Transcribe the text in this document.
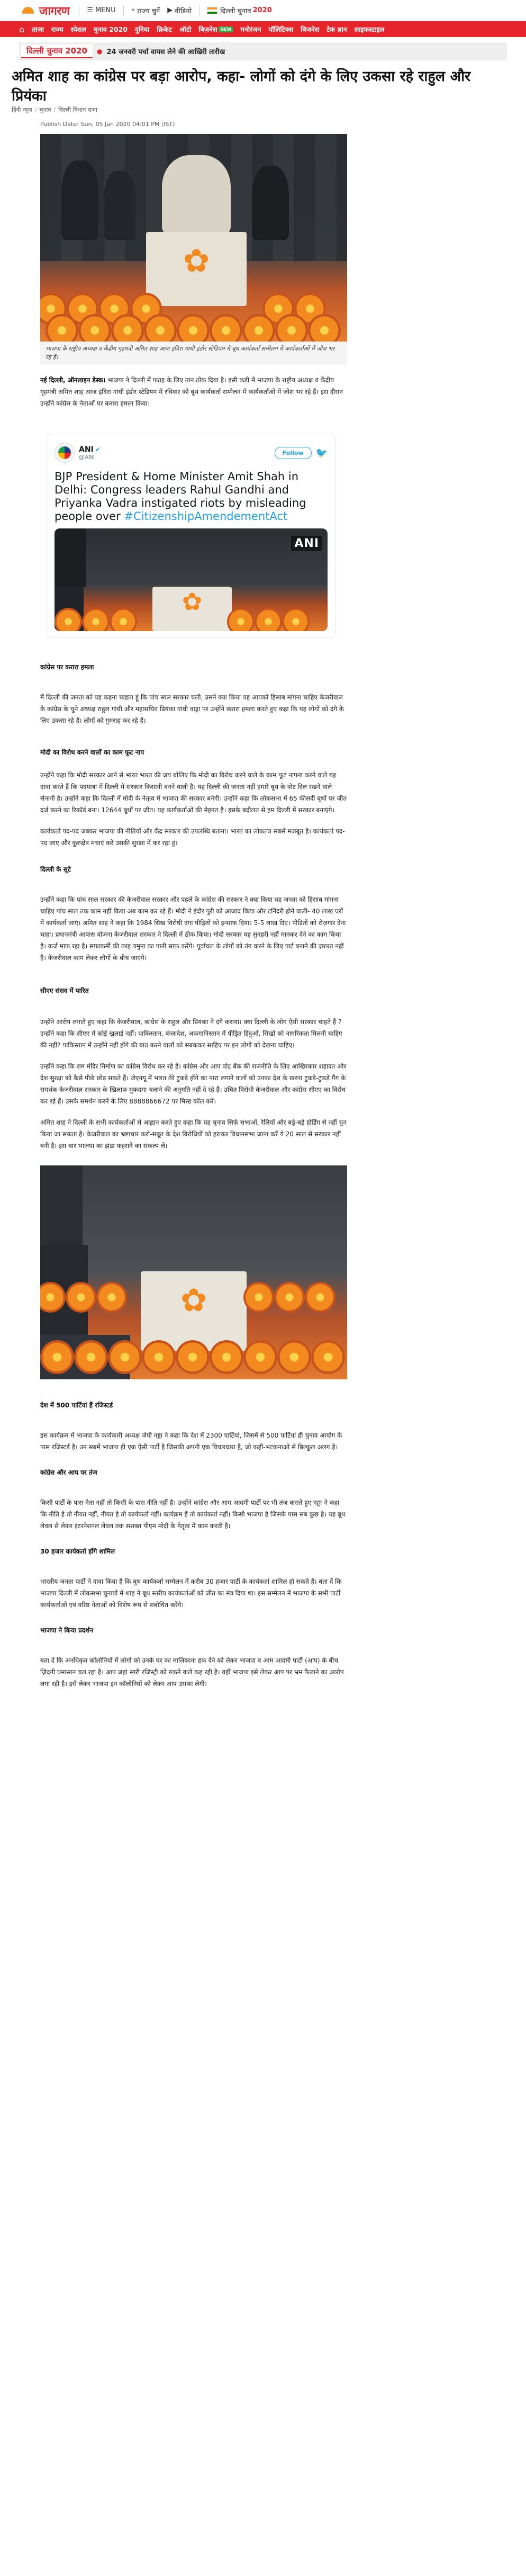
जागरण	☰ MENU ⌖ राज्य चुनें ▶ वीडियो	दिल्ली चुनाव 2020
⌂ ताजा राज्य स्पेशल चुनाव 2020 दुनिया क्रिकेट ऑटो बिज़नेस NEW मनोरंजन पॉलिटिक्स बिजनेस टेक ज्ञान लाइफस्टाइल
दिल्ली चुनाव 2020	● 24 जनवरी पर्चा वापस लेने की आखिरी तारीख
अमित शाह का कांग्रेस पर बड़ा आरोप, कहा- लोगों को दंगे के लिए उकसा रहे राहुल और प्रियंका
हिंदी न्यूज़ / चुनाव / दिल्ली विधान सभा
Publish Date: Sun, 05 Jan 2020 04:01 PM (IST)
✿
भाजपा के राष्ट्रीय अध्यक्ष व केंद्रीय गृहमंत्री अमित शाह आज इंदिरा गांधी इंडोर स्टेडियम में बूथ कार्यकर्ता सम्मेलन में कार्यकर्ताओं में जोश भर रहे हैं।

नई दिल्ली, ऑनलाइन डेस्क। भाजपा ने दिल्ली में फतह के लिए तान ठोक दिया है। इसी कड़ी में भाजपा के राष्ट्रीय अध्यक्ष व केंद्रीय गृहमंत्री अमित शाह आज इंदिरा गांधी इंडोर स्टेडियम में रविवार को बूथ कार्यकर्ता सम्मेलन में कार्यकर्ताओं में जोश भर रहे हैं। इस दौरान उन्होंने कांग्रेस के नेताओं पर करारा हमला किया।

ANI ✔
@ANI
Follow	🐦
BJP President & Home Minister Amit Shah in Delhi: Congress leaders Rahul Gandhi and Priyanka Vadra instigated riots by misleading people over #CitizenshipAmendementAct
✿
ANI
कांग्रेस पर करारा हमला

मैं दिल्ली की जनता को यह कहना चाहता हूं कि पांच साल सरकार चली, उसने क्या किया यह आपको हिसाब मांगना चाहिए केजरीवाल के कांग्रेस के चुने अध्यक्ष राहुल गांधी और महासचिव प्रियंका गांधी वाड्रा पर उन्होंने करारा हमला करते हुए कहा कि यह लोगों को दंगे के लिए उकसा रहे हैं। लोगों को गुमराह कर रहे हैं।

मोदी का विरोध करने वालों का काम फूट नाप

उन्होंने कहा कि मोदी सरकार आने से भारत भारत की जय बोलिए कि मोदी का विरोध करने वाले के काम फूट नापना करने वाले यह दावा करते हैं कि पदयात्रा में दिल्ली में सरकार किसानी बनने वाली है। यह दिल्ली की जनता नहीं हमारे बूथ के वोट दिल रखने वाले सेनानी है। उन्होंने कहा कि दिल्ली में मोदी के नेतृत्व में भाजपा की सरकार बनेगी। उन्होंने कहा कि लोकसभा में 65 फीसदी बूथों पर जीत दर्ज करने का रिकॉर्ड बना। 12644 बूथों पर जीत। यह कार्यकर्ताओं की मेहनत है। इसके बदौलत से हम दिल्ली में सरकार बनाएंगे।

कार्यकर्ता पद-पद जबकर भाजपा की नीतियों और केंद्र सरकार की उपलब्धि बताना। भारत का लोकतंत्र सबसे मजबूत है। कार्यकर्ता पद-पद जाए और कुरुक्षेत्र मचाएं करें उसकी सुरक्षा में कर रहा हूं।

दिल्ली के सूटे

उन्होंने कहा कि पांच साल सरकार की केजरीवाल सरकार और पहले के कांग्रेस की सरकार ने क्या किया यह जनता को हिसाब मांगना चाहिए पांच साल तक काम नहीं किया अब काम कर रहे हैं। मोदी ने इंदौर पुरी को आजाद किया और टनिंदरी होने वाली- 40 लाख घरों में कार्यकर्ता जाएं। अमित शाह ने कहा कि 1984 सिख विरोधी दंगा पीड़ितों को इन्साफ दिया। 5-5 लाख दिए। पीड़ितों को रोज़गार देना चाहा। प्रधानमंत्री आवास योजना केजरीवाल सरकार ने दिल्ली में ठीक किया। मोदी सरकार यह सुनहरी नहीं मानकर देने का काम किया है। कर्ज माफ़ रहा है। सफ़ाकर्मी की तरह यमुना का पानी साफ़ करेंगे। पूर्वांचल के लोगों को तंग करने के लिए पार्ट बनाने की ज़रुरत नहीं है। केजरीवाल काम लेकर लोगों के बीच जाएंगे।

सीएए संसद में पारित

उन्होंने आरोप लगाते हुए कहा कि केजरीवाल, कांग्रेस के राहुल और प्रियंका ने दंगे कराया। क्या दिल्ली के लोग ऐसी सरकार चाहते हैं ? उन्होंने कहा कि सीएए में कोई खुलाई नहीं। पाकिस्तान, बंग्लादेश, अफगानिस्तान में पीड़ित हिंदुओं, सिखों को नागरिकता मिलनी चाहिए की नहीं? पाकिस्तान में उन्होंने नहीं होंगे की बात करने वालों को सबककर साहिए पर इन लोगों को देखना चाहिए।

उन्होंने कहा कि राम मंदिर निर्माण का कांग्रेस विरोध कर रहे हैं। कांग्रेस और आप वोट बैंक की राजनीति के लिए आखिरकार शहादत और देश सुरक्षा को कैसे पीछे छोड़ सकते हैं। जेएनयू में भारत तेरे टुकड़े होंगे का नारा लगाने वालों को उनका देश के खरना टुकड़े-टुकड़े गैंग के समर्थक केजरीवाल सरकार के खिलाफ मुकदमा चलाने की अनुमति नहीं दे रहे हैं। उचित विरोधी केजरीवाल और कांग्रेस सीएए का विरोध कर रहे हैं। उसके समर्थन करने के लिए 8888866672 पर मिस्ड कॉल करें।

अमित शाह ने दिल्ली के सभी कार्यकर्ताओं से आह्वान करते हुए कहा कि यह चुनाव सिर्फ सभाओं, रैलियों और बड़े-बड़े होर्डिंग से नहीं चुन किया जा सकता है। केजरीवाल का भ्रष्टाचार करो-सबूत के देश विरोधियों को हराकर विधानसभा जाना करें ये 20 साल से सरकार नहीं बनी है। इस बार भाजपा का झंडा फहराने का संकल्प लें।

✿
देश में 500 पार्टियां हैं रजिस्टर्ड

इस कार्यक्रम में भाजपा के कार्यकारी अध्यक्ष जेपी नड्डा ने कहा कि देश में 2300 पार्टियां, जिसमें से 500 पार्टियां ही चुनाव आयोग के पास रजिस्टर्ड है। उन सबमें भाजपा ही एक ऐसी पार्टी है जिसकी अपनी एक विचारधारा है, जो कहीं-भटकनाओं से बिल्कुल अलग है।

कांग्रेस और आप पर तंज

किसी पार्टी के पास नेता नहीं तो किसी के पास नीति नहीं है। उन्होंने कांग्रेस और आम आदमी पार्टी पर भी तंज कसते हुए नड्डा ने कहा कि नीति है तो नीयत नहीं, नीयत है तो कार्यकर्ता नहीं। कार्यक्रम हैं तो कार्यकर्ता नहीं। किसी भाजपा है जिसके पास सब कुछ है। यह बूथ लेवल से लेकर इंटरनेशनल लेवल तक सशक्त पीएम मोदी के नेतृत्व में काम करती है।

30 हजार कार्यकर्ता होंगे शामिल

भारतीय जनता पार्टी ने दावा किया है कि बूथ कार्यकर्ता सम्मेलन में करीब 30 हजार पार्टी के कार्यकर्ता शामिल हो सकते हैं। बता दें कि भाजपा दिल्ली में लोकसभा चुनावों में शाह ने बूथ स्तरीय कार्यकर्ताओं को जीत का मंत्र दिया था। इस सम्मेलन में भाजपा के सभी पार्टी कार्यकर्ताओं एवं वरिष्ठ नेताओं को विशेष रूप से संबोधित करेंगे।

भाजपा ने किया प्रदर्शन

बता दें कि अनधिकृत कॉलोनियों में लोगों को उनके घर का मालिकाना हक देने को लेकर भाजपा व आम आदमी पार्टी (आप) के बीच ज़िंदगी घमासान चल रहा है। आप जहां सारी रजिस्ट्री को रुकने वाले कह रही है। वहीं भाजपा इसे लेकर आप पर भ्रम फैलाने का आरोप लगा रही है। इसे लेकर भाजपा इन कॉलोनियों को लेकर आप उसका लेगी।
